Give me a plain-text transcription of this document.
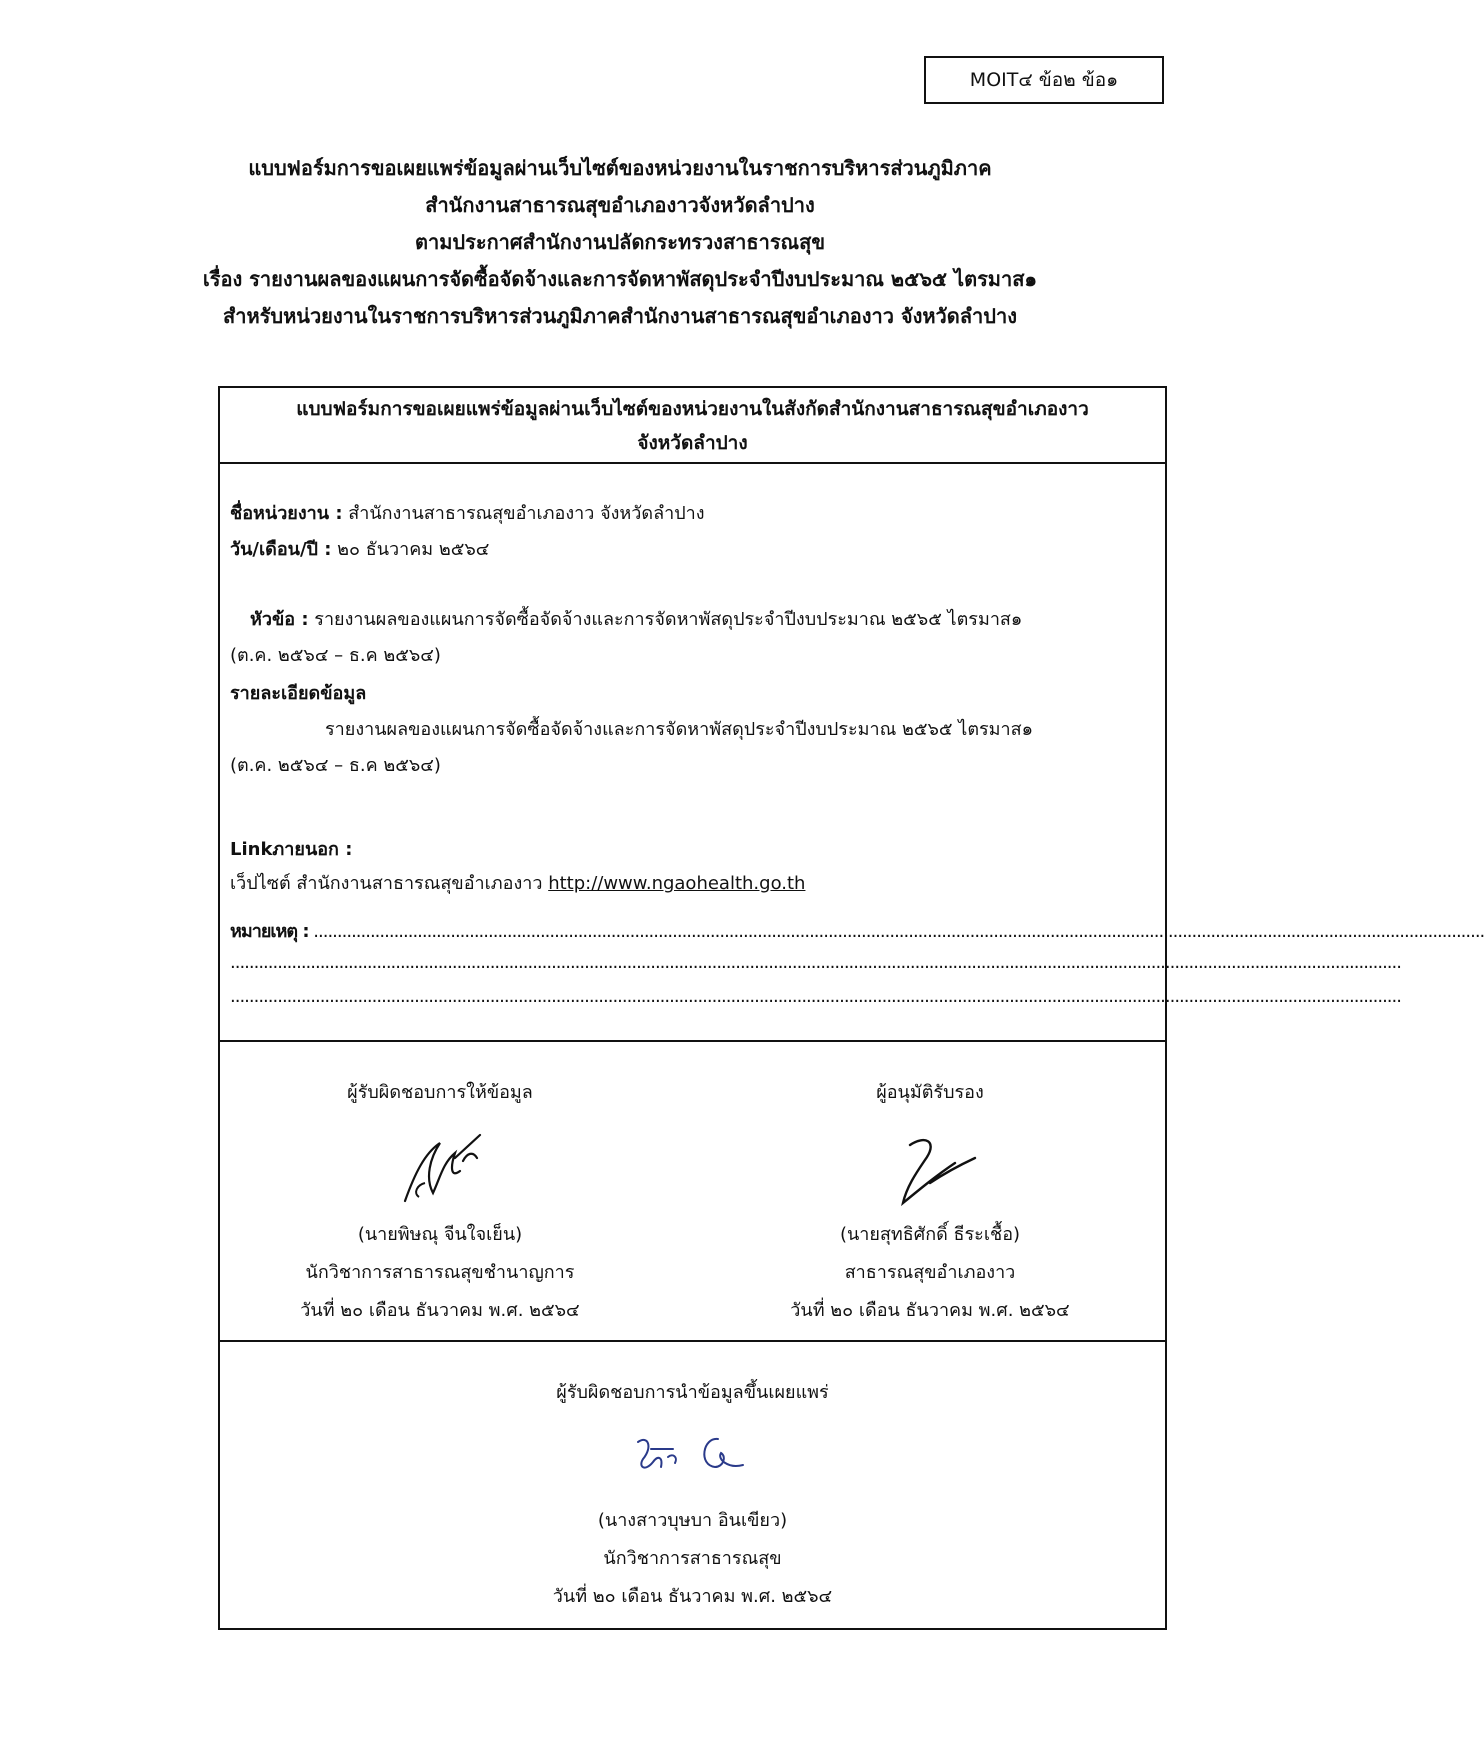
MOIT๔ ข้อ๒ ข้อ๑
แบบฟอร์มการขอเผยแพร่ข้อมูลผ่านเว็บไซต์ของหน่วยงานในราชการบริหารส่วนภูมิภาค
สำนักงานสาธารณสุขอำเภองาวจังหวัดลำปาง
ตามประกาศสำนักงานปลัดกระทรวงสาธารณสุข
เรื่อง รายงานผลของแผนการจัดซื้อจัดจ้างและการจัดหาพัสดุประจำปีงบประมาณ ๒๕๖๕ ไตรมาส๑
สำหรับหน่วยงานในราชการบริหารส่วนภูมิภาคสำนักงานสาธารณสุขอำเภองาว จังหวัดลำปาง
แบบฟอร์มการขอเผยแพร่ข้อมูลผ่านเว็บไซต์ของหน่วยงานในสังกัดสำนักงานสาธารณสุขอำเภองาว
จังหวัดลำปาง
ชื่อหน่วยงาน : สำนักงานสาธารณสุขอำเภองาว จังหวัดลำปาง
วัน/เดือน/ปี : ๒๐ ธันวาคม ๒๕๖๔
หัวข้อ : รายงานผลของแผนการจัดซื้อจัดจ้างและการจัดหาพัสดุประจำปีงบประมาณ ๒๕๖๕ ไตรมาส๑
(ต.ค. ๒๕๖๔ – ธ.ค ๒๕๖๔)
รายละเอียดข้อมูล
รายงานผลของแผนการจัดซื้อจัดจ้างและการจัดหาพัสดุประจำปีงบประมาณ ๒๕๖๕ ไตรมาส๑
(ต.ค. ๒๕๖๔ – ธ.ค ๒๕๖๔)
Linkภายนอก :
เว็ปไซต์ สำนักงานสาธารณสุขอำเภองาว http://www.ngaohealth.go.th
หมายเหตุ : ........................................................................................................................................................................................................................................................
........................................................................................................................................................................................................................................................
........................................................................................................................................................................................................................................................
ผู้รับผิดชอบการให้ข้อมูล
(นายพิษณุ จีนใจเย็น)
นักวิชาการสาธารณสุขชำนาญการ
วันที่ ๒๐ เดือน ธันวาคม พ.ศ. ๒๕๖๔
ผู้อนุมัติรับรอง
(นายสุทธิศักดิ์ ธีระเชื้อ)
สาธารณสุขอำเภองาว
วันที่ ๒๐ เดือน ธันวาคม พ.ศ. ๒๕๖๔
ผู้รับผิดชอบการนำข้อมูลขึ้นเผยแพร่
(นางสาวบุษบา อินเขียว)
นักวิชาการสาธารณสุข
วันที่ ๒๐ เดือน ธันวาคม พ.ศ. ๒๕๖๔
